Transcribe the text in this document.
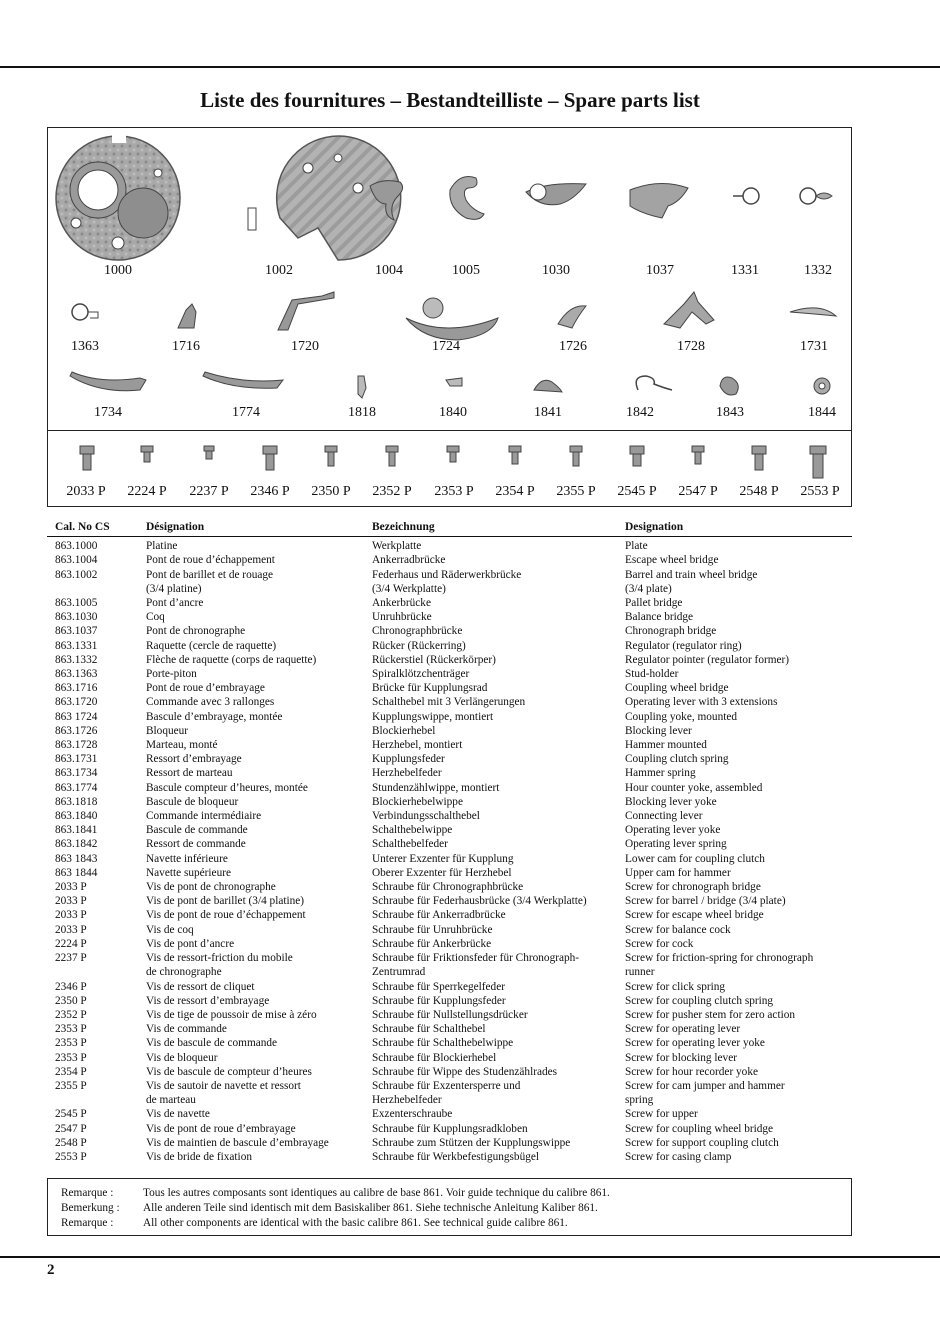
Liste des fournitures – Bestandteilliste – Spare parts list
1000	1002	1004	1005	1030	1037	1331	1332
1363	1716	1720	1724	1726	1728	1731
1734	1774	1818	1840	1841	1842	1843	1844
2033 P 2224 P 2237 P 2346 P 2350 P 2352 P 2353 P 2354 P 2355 P 2545 P 2547 P 2548 P 2553 P
Cal. No CS	Désignation	Bezeichnung	Designation
863.1000	Platine	Werkplatte	Plate
863.1004	Pont de roue d’échappement	Ankerradbrücke	Escape wheel bridge
863.1002	Pont de barillet et de rouage	Federhaus und Räderwerkbrücke	Barrel and train wheel bridge
	(3/4 platine)	(3/4 Werkplatte)	(3/4 plate)
863.1005	Pont d’ancre	Ankerbrücke	Pallet bridge
863.1030	Coq	Unruhbrücke	Balance bridge
863.1037	Pont de chronographe	Chronographbrücke	Chronograph bridge
863.1331	Raquette (cercle de raquette)	Rücker (Rückerring)	Regulator (regulator ring)
863.1332	Flèche de raquette (corps de raquette)	Rückerstiel (Rückerkörper)	Regulator pointer (regulator former)
863.1363	Porte-piton	Spiralklötzchenträger	Stud-holder
863.1716	Pont de roue d’embrayage	Brücke für Kupplungsrad	Coupling wheel bridge
863.1720	Commande avec 3 rallonges	Schalthebel mit 3 Verlängerungen	Operating lever with 3 extensions
863 1724	Bascule d’embrayage, montée	Kupplungswippe, montiert	Coupling yoke, mounted
863.1726	Bloqueur	Blockierhebel	Blocking lever
863.1728	Marteau, monté	Herzhebel, montiert	Hammer mounted
863.1731	Ressort d’embrayage	Kupplungsfeder	Coupling clutch spring
863.1734	Ressort de marteau	Herzhebelfeder	Hammer spring
863.1774	Bascule compteur d’heures, montée	Stundenzählwippe, montiert	Hour counter yoke, assembled
863.1818	Bascule de bloqueur	Blockierhebelwippe	Blocking lever yoke
863.1840	Commande intermédiaire	Verbindungsschalthebel	Connecting lever
863.1841	Bascule de commande	Schalthebelwippe	Operating lever yoke
863.1842	Ressort de commande	Schalthebelfeder	Operating lever spring
863 1843	Navette inférieure	Unterer Exzenter für Kupplung	Lower cam for coupling clutch
863 1844	Navette supérieure	Oberer Exzenter für Herzhebel	Upper cam for hammer
2033 P	Vis de pont de chronographe	Schraube für Chronographbrücke	Screw for chronograph bridge
2033 P	Vis de pont de barillet (3/4 platine)	Schraube für Federhausbrücke (3/4 Werkplatte)	Screw for barrel / bridge (3/4 plate)
2033 P	Vis de pont de roue d’échappement	Schraube für Ankerradbrücke	Screw for escape wheel bridge
2033 P	Vis de coq	Schraube für Unruhbrücke	Screw for balance cock
2224 P	Vis de pont d’ancre	Schraube für Ankerbrücke	Screw for cock
2237 P	Vis de ressort-friction du mobile	Schraube für Friktionsfeder für Chronograph-	Screw for friction-spring for chronograph
	de chronographe	Zentrumrad	runner
2346 P	Vis de ressort de cliquet	Schraube für Sperrkegelfeder	Screw for click spring
2350 P	Vis de ressort d’embrayage	Schraube für Kupplungsfeder	Screw for coupling clutch spring
2352 P	Vis de tige de poussoir de mise à zéro	Schraube für Nullstellungsdrücker	Screw for pusher stem for zero action
2353 P	Vis de commande	Schraube für Schalthebel	Screw for operating lever
2353 P	Vis de bascule de commande	Schraube für Schalthebelwippe	Screw for operating lever yoke
2353 P	Vis de bloqueur	Schraube für Blockierhebel	Screw for blocking lever
2354 P	Vis de bascule de compteur d’heures	Schraube für Wippe des Studenzählrades	Screw for hour recorder yoke
2355 P	Vis de sautoir de navette et ressort	Schraube für Exzentersperre und	Screw for cam jumper and hammer
	de marteau	Herzhebelfeder	spring
2545 P	Vis de navette	Exzenterschraube	Screw for upper
2547 P	Vis de pont de roue d’embrayage	Schraube für Kupplungsradkloben	Screw for coupling wheel bridge
2548 P	Vis de maintien de bascule d’embrayage	Schraube zum Stützen der Kupplungswippe	Screw for support coupling clutch
2553 P	Vis de bride de fixation	Schraube für Werkbefestigungsbügel	Screw for casing clamp
Remarque :	Tous les autres composants sont identiques au calibre de base 861. Voir guide technique du calibre 861.
Bemerkung :	Alle anderen Teile sind identisch mit dem Basiskaliber 861. Siehe technische Anleitung Kaliber 861.
Remarque :	All other components are identical with the basic calibre 861. See technical guide calibre 861.
2
